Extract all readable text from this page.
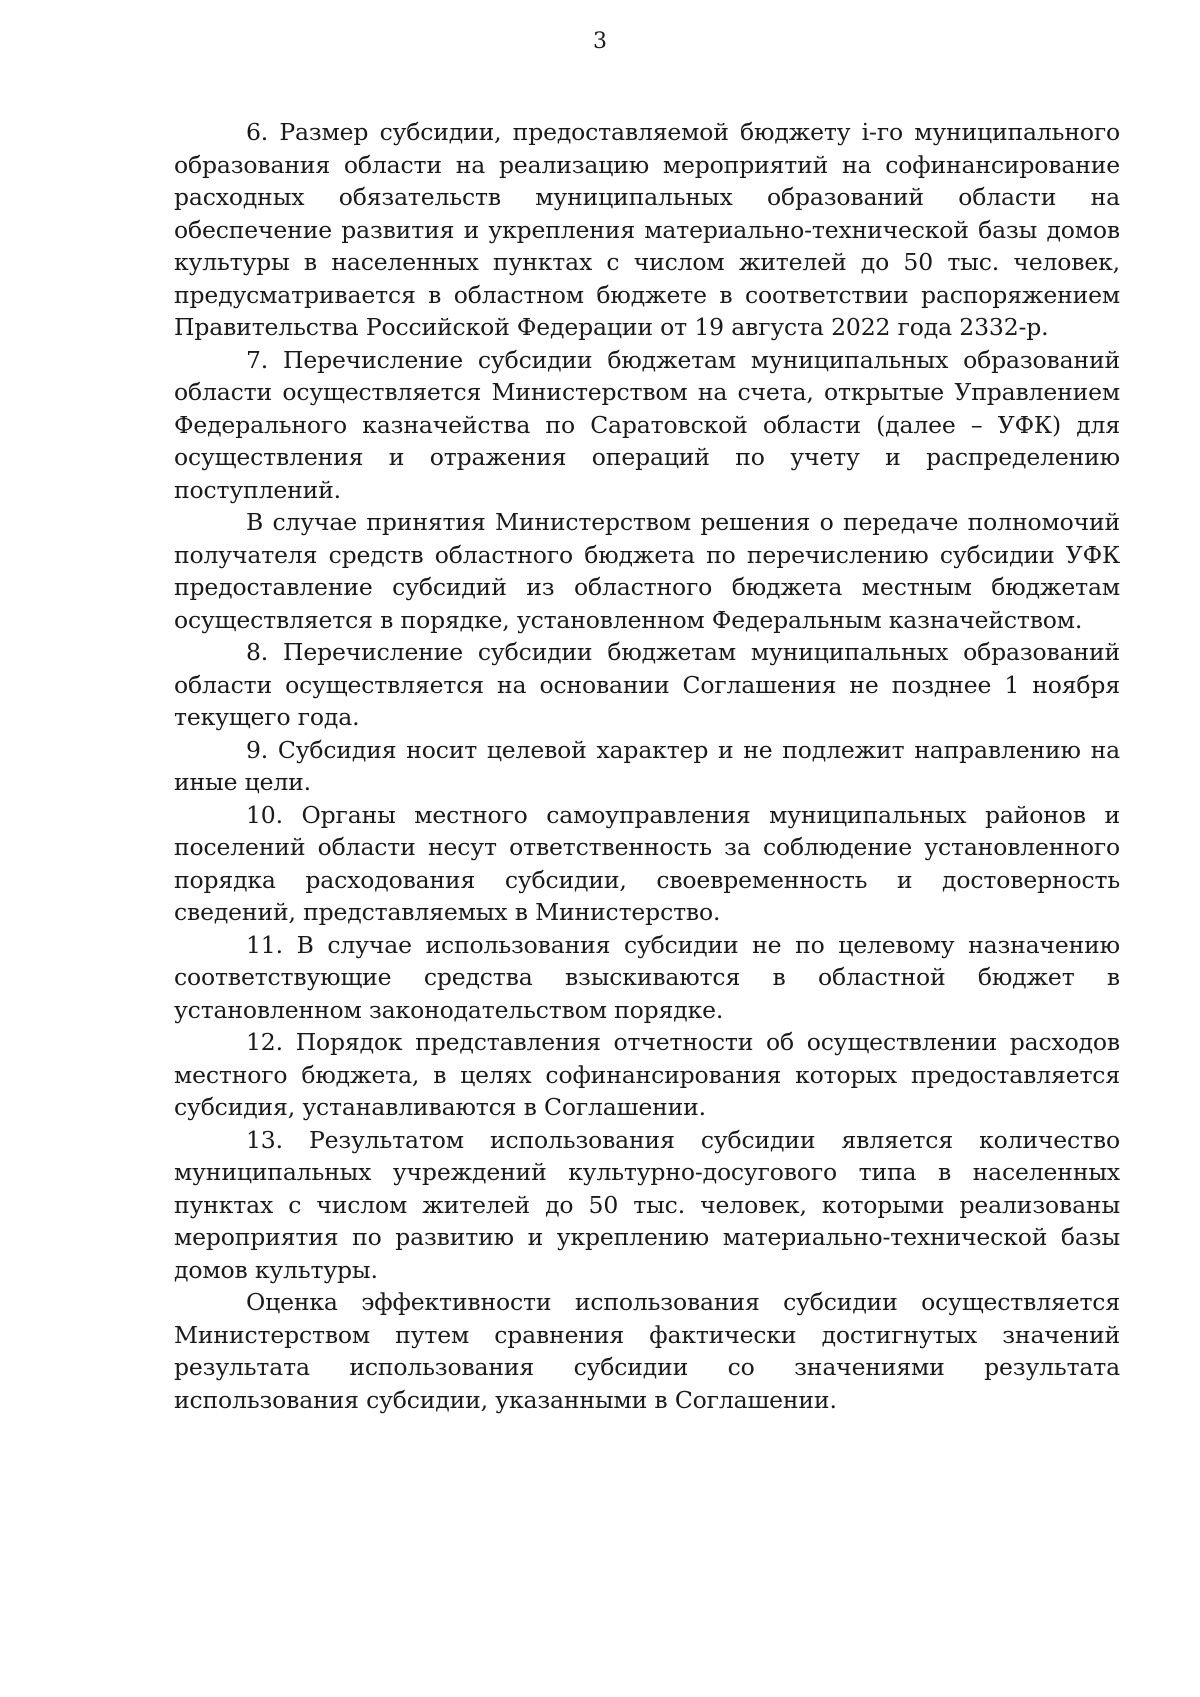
3

6. Размер субсидии, предоставляемой бюджету i-го муниципального образования области на реализацию мероприятий на софинансирование расходных обязательств муниципальных образований области на обеспечение развития и укрепления материально-технической базы домов культуры в населенных пунктах с числом жителей до 50 тыс. человек, предусматривается в областном бюджете в соответствии распоряжением Правительства Российской Федерации от 19 августа 2022 года 2332-р.

7. Перечисление субсидии бюджетам муниципальных образований области осуществляется Министерством на счета, открытые Управлением Федерального казначейства по Саратовской области (далее – УФК) для осуществления и отражения операций по учету и распределению поступлений.

В случае принятия Министерством решения о передаче полномочий получателя средств областного бюджета по перечислению субсидии УФК предоставление субсидий из областного бюджета местным бюджетам осуществляется в порядке, установленном Федеральным казначейством.

8. Перечисление субсидии бюджетам муниципальных образований области осуществляется на основании Соглашения не позднее 1 ноября текущего года.

9. Субсидия носит целевой характер и не подлежит направлению на иные цели.

10. Органы местного самоуправления муниципальных районов и поселений области несут ответственность за соблюдение установленного порядка расходования субсидии, своевременность и достоверность сведений, представляемых в Министерство.

11. В случае использования субсидии не по целевому назначению соответствующие средства взыскиваются в областной бюджет в установленном законодательством порядке.

12. Порядок представления отчетности об осуществлении расходов местного бюджета, в целях софинансирования которых предоставляется субсидия, устанавливаются в Соглашении.

13. Результатом использования субсидии является количество муниципальных учреждений культурно-досугового типа в населенных пунктах с числом жителей до 50 тыс. человек, которыми реализованы мероприятия по развитию и укреплению материально-технической базы домов культуры.

Оценка эффективности использования субсидии осуществляется Министерством путем сравнения фактически достигнутых значений результата использования субсидии со значениями результата использования субсидии, указанными в Соглашении.
